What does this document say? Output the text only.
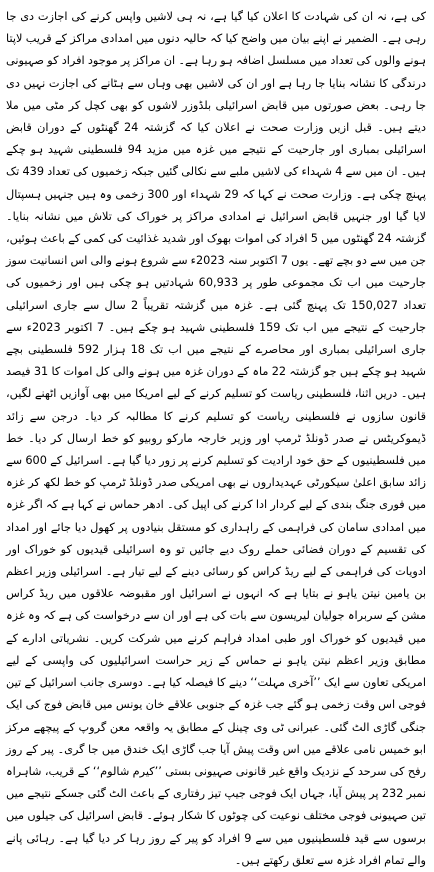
کی ہے، نہ ان کی شہادت کا اعلان کیا گیا ہے، نہ ہی لاشیں واپس کرنے کی اجازت دی جا رہی ہے۔ الضمیر نے اپنے بیان میں واضح کیا کہ حالیہ دنوں میں امدادی مراکز کے قریب لاپتا ہونے والوں کی تعداد میں مسلسل اضافہ ہو رہا ہے۔ ان مراکز پر موجود افراد کو صہیونی درندگی کا نشانہ بنایا جا رہا ہے اور ان کی لاشیں بھی وہاں سے ہٹانے کی اجازت نہیں دی جا رہی۔ بعض صورتوں میں قابض اسرائیلی بلڈوزر لاشوں کو بھی کچل کر مٹی میں ملا دیتے ہیں۔ قبل ازیں وزارت صحت نے اعلان کیا کہ گزشتہ 24 گھنٹوں کے دوران قابض اسرائیلی بمباری اور جارحیت کے نتیجے میں غزہ میں مزید 94 فلسطینی شہید ہو چکے ہیں۔ ان میں سے 4 شہداء کی لاشیں ملبے سے نکالی گئیں جبکہ زخمیوں کی تعداد 439 تک پہنچ چکی ہے۔ وزارت صحت نے کہا کہ 29 شہداء اور 300 زخمی وہ ہیں جنہیں ہسپتال لایا گیا اور جنہیں قابض اسرائیل نے امدادی مراکز پر خوراک کی تلاش میں نشانہ بنایا۔ گزشتہ 24 گھنٹوں میں 5 افراد کی اموات بھوک اور شدید غذائیت کی کمی کے باعث ہوئیں، جن میں سے دو بچے تھے۔ یوں 7 اکتوبر سنہ 2023ء سے شروع ہونے والی اس انسانیت سوز جارحیت میں اب تک مجموعی طور پر 60,933 شہادتیں ہو چکی ہیں اور زخمیوں کی تعداد 150,027 تک پہنچ گئی ہے۔ غزہ میں گزشتہ تقریباً 2 سال سے جاری اسرائیلی جارحیت کے نتیجے میں اب تک 159 فلسطینی شہید ہو چکے ہیں۔ 7 اکتوبر 2023ء سے جاری اسرائیلی بمباری اور محاصرے کے نتیجے میں اب تک 18 ہزار 592 فلسطینی بچے شہید ہو چکے ہیں جو گزشتہ 22 ماہ کے دوران غزہ میں ہونے والی کل اموات کا 31 فیصد ہیں۔ دریں اثنا، فلسطینی ریاست کو تسلیم کرنے کے لیے امریکا میں بھی آوازیں اٹھنے لگیں، قانون سازوں نے فلسطینی ریاست کو تسلیم کرنے کا مطالبہ کر دیا۔ درجن سے زائد ڈیموکریٹس نے صدر ڈونلڈ ٹرمپ اور وزیر خارجہ مارکو روبیو کو خط ارسال کر دیا۔ خط میں فلسطینیوں کے حق خود ارادیت کو تسلیم کرنے پر زور دیا گیا ہے۔ اسرائیل کے 600 سے زائد سابق اعلیٰ سیکورٹی عہدیداروں نے بھی امریکی صدر ڈونلڈ ٹرمپ کو خط لکھ کر غزہ میں فوری جنگ بندی کے لیے کردار ادا کرنے کی اپیل کی۔ ادھر حماس نے کہا ہے کہ اگر غزہ میں امدادی سامان کی فراہمی کے راہداری کو مستقل بنیادوں پر کھول دیا جائے اور امداد کی تقسیم کے دوران فضائی حملے روک دیے جائیں تو وہ اسرائیلی قیدیوں کو خوراک اور ادویات کی فراہمی کے لیے ریڈ کراس کو رسائی دینے کے لیے تیار ہے۔ اسرائیلی وزیر اعظم بن یامین نیتن یاہو نے بتایا ہے کہ انہوں نے اسرائیل اور مقبوضہ علاقوں میں ریڈ کراس مشن کے سربراہ جولیان لیریسون سے بات کی ہے اور ان سے درخواست کی ہے کہ وہ غزہ میں قیدیوں کو خوراک اور طبی امداد فراہم کرنے میں شرکت کریں۔ نشریاتی ادارے کے مطابق وزیر اعظم نیتن یاہو نے حماس کے زیر حراست اسرائیلیوں کی واپسی کے لیے امریکی تعاون سے ایک ’’آخری مہلت‘‘ دینے کا فیصلہ کیا ہے۔ دوسری جانب اسرائیل کے تین فوجی اس وقت زخمی ہو گئے جب غزہ کے جنوبی علاقے خان یونس میں قابض فوج کی ایک جنگی گاڑی الٹ گئی۔ عبرانی ٹی وی چینل کے مطابق یہ واقعہ معن گروپ کے پیچھے مرکز ابو خمیس نامی علاقے میں اس وقت پیش آیا جب گاڑی ایک خندق میں جا گری۔ پیر کے روز رفح کی سرحد کے نزدیک واقع غیر قانونی صہیونی بستی ’’کیرم شالوم‘‘ کے قریب، شاہراہ نمبر 232 پر پیش آیا، جہاں ایک فوجی جیپ تیز رفتاری کے باعث الٹ گئی جسکے نتیجے میں تین صہیونی فوجی مختلف نوعیت کی چوٹوں کا شکار ہوئے۔ قابض اسرائیل کی جیلوں میں برسوں سے قید فلسطینیوں میں سے 9 افراد کو پیر کے روز رہا کر دیا گیا ہے۔ رہائی پانے والے تمام افراد غزہ سے تعلق رکھتے ہیں۔
